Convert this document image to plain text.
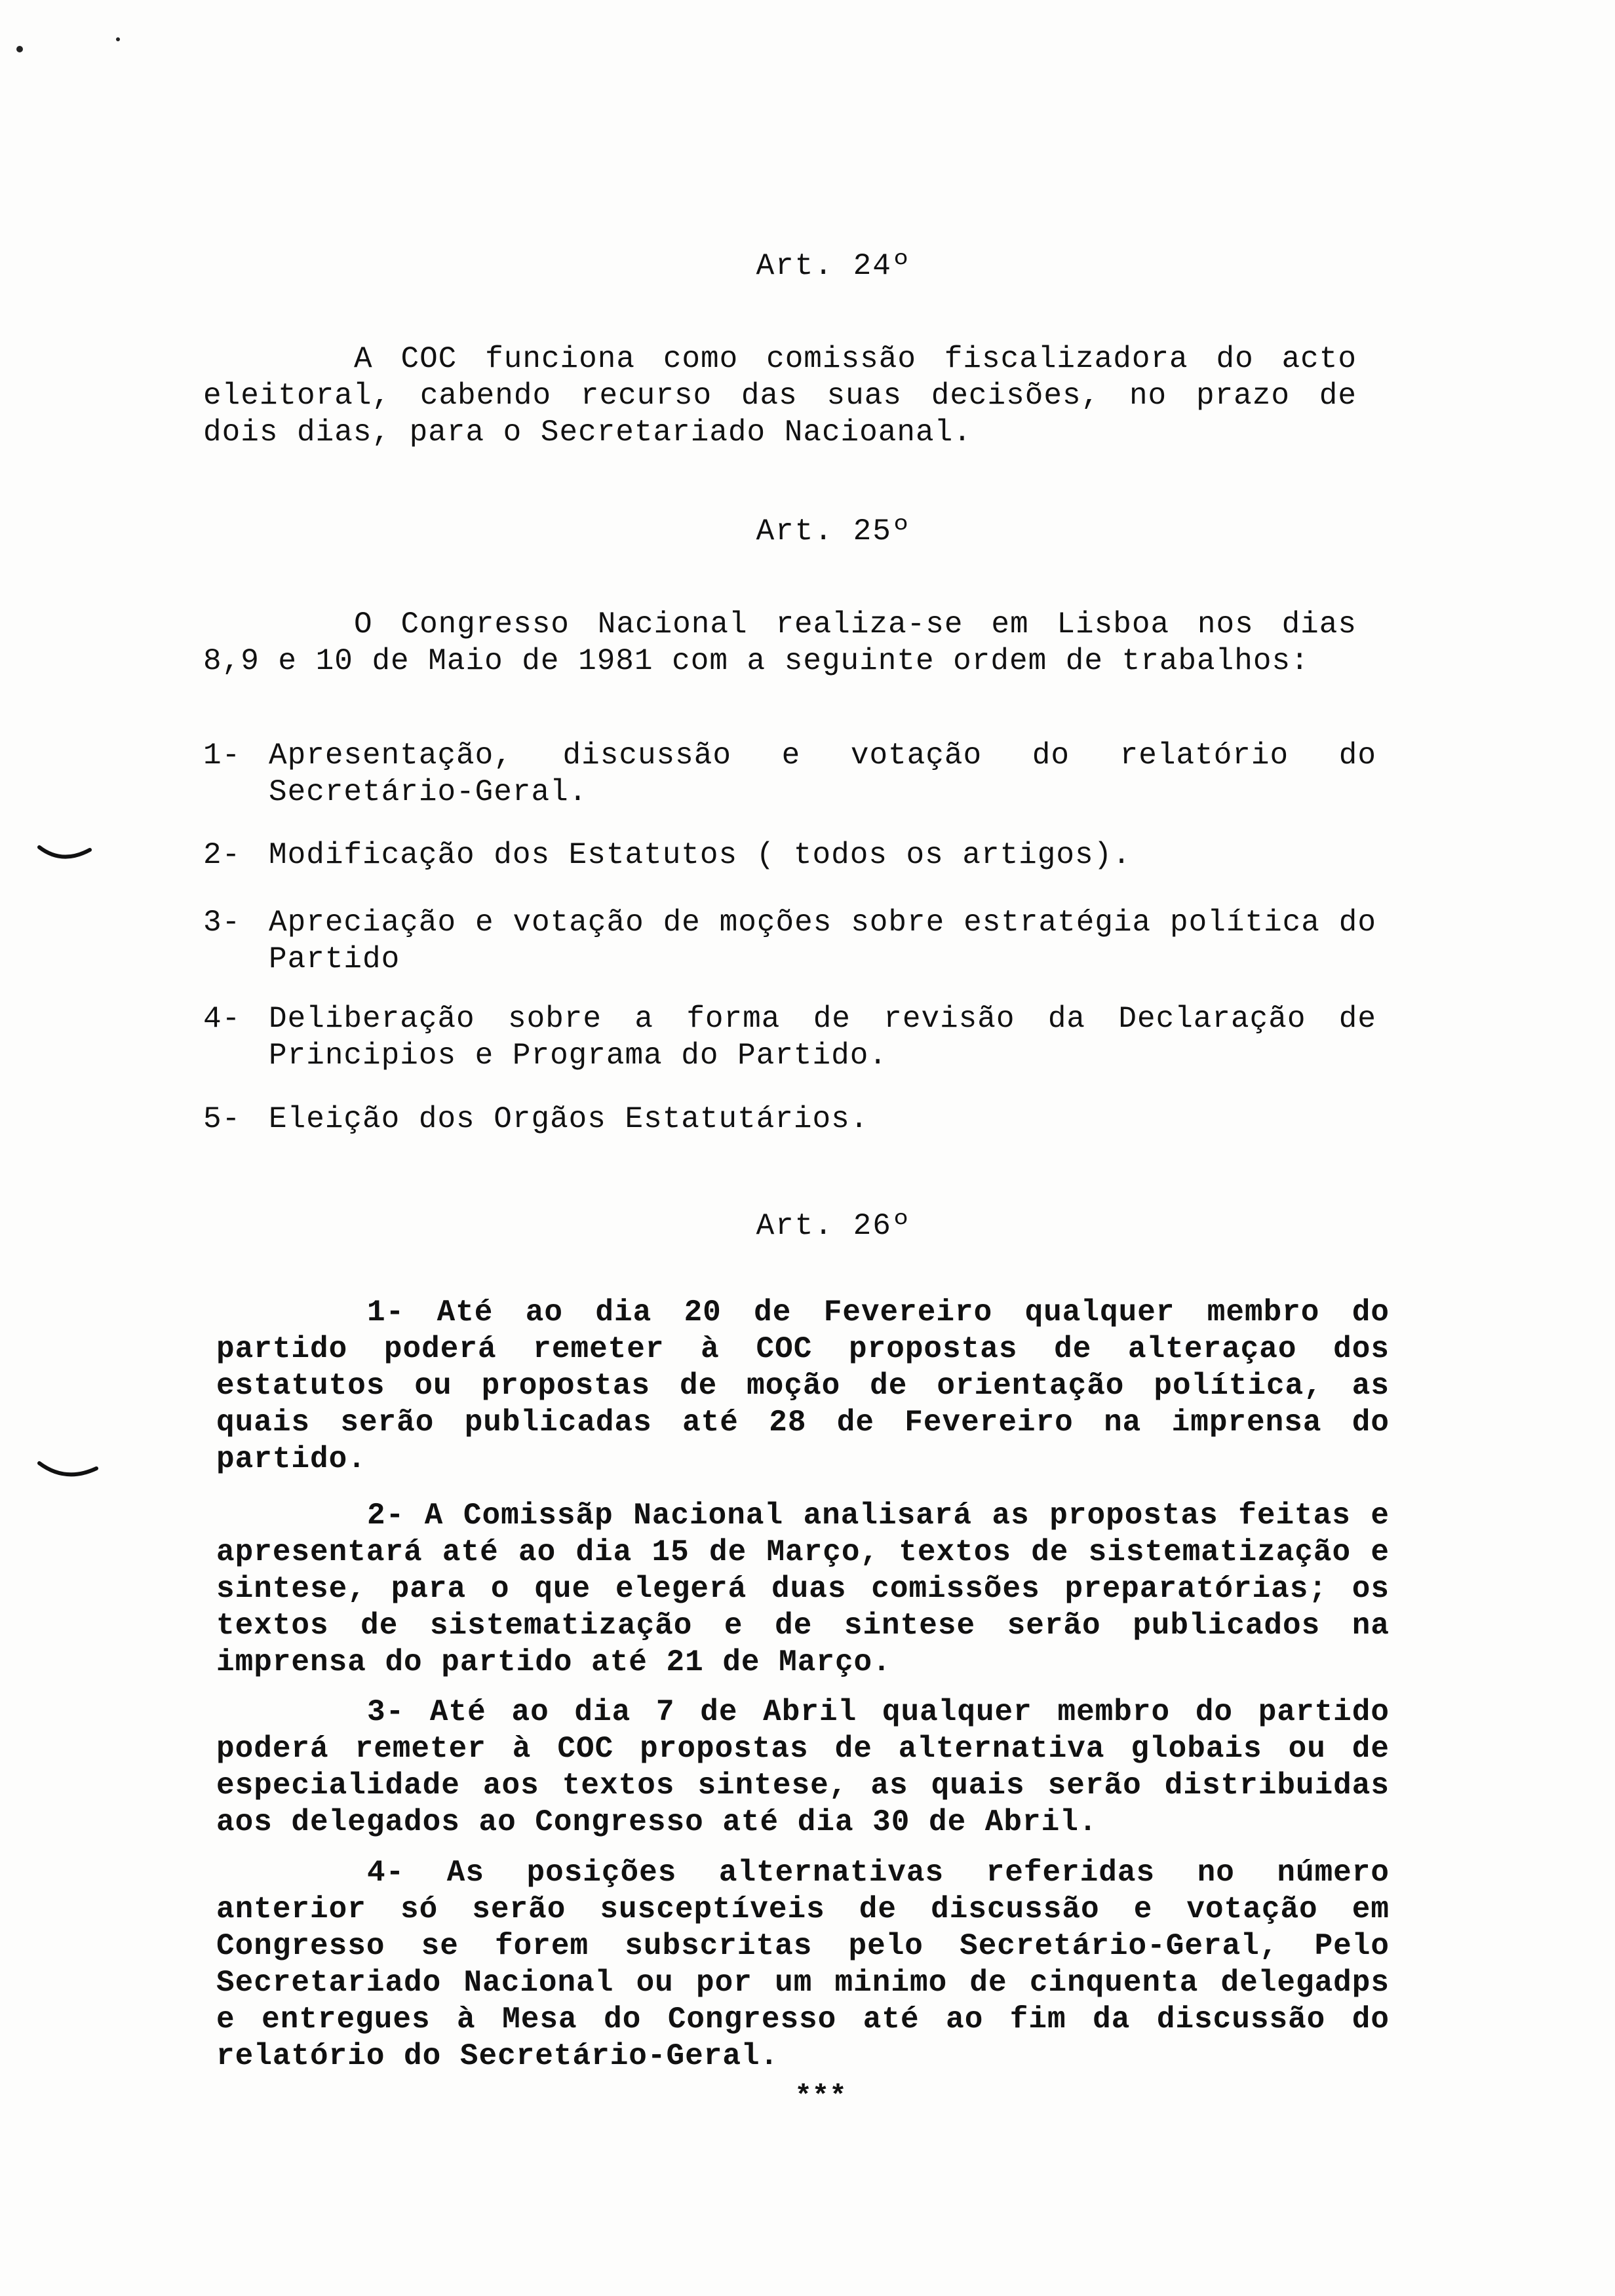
Art. 24º

A COC funciona como comissão fiscalizadora do acto eleitoral, cabendo recurso das suas decisões, no prazo de dois dias, para o Secretariado Nacioanal.

Art. 25º

O Congresso Nacional realiza-se em Lisboa nos dias 8,9 e 10 de Maio de 1981 com a seguinte ordem de trabalhos:

1- Apresentação, discussão e votação do relatório do Secretário-Geral.
2- Modificação dos Estatutos ( todos os artigos).
3- Apreciação e votação de moções sobre estratégia política do Partido
4- Deliberação sobre a forma de revisão da Declaração de Principios e Programa do Partido.
5- Eleição dos Orgãos Estatutários.
Art. 26º

1- Até ao dia 20 de Fevereiro qualquer membro do partido poderá remeter à COC propostas de alteraçao dos estatutos ou propostas de moção de orientação política, as quais serão publicadas até 28 de Fevereiro na imprensa do partido.

2- A Comissãp Nacional analisará as propostas feitas e apresentará até ao dia 15 de Março, textos de sistematização e sintese, para o que elegerá duas comissões preparatórias; os textos de sistematização e de sintese serão publicados na imprensa do partido até 21 de Março.

3- Até ao dia 7 de Abril qualquer membro do partido poderá remeter à COC propostas de alternativa globais ou de especialidade aos textos sintese, as quais serão distribuidas aos delegados ao Congresso até dia 30 de Abril.

4- As posições alternativas referidas no número anterior só serão susceptíveis de discussão e votação em Congresso se forem subscritas pelo Secretário-Geral, Pelo Secretariado Nacional ou por um minimo de cinquenta delegadps e entregues à Mesa do Congresso até ao fim da discussão do relatório do Secretário-Geral.

***
